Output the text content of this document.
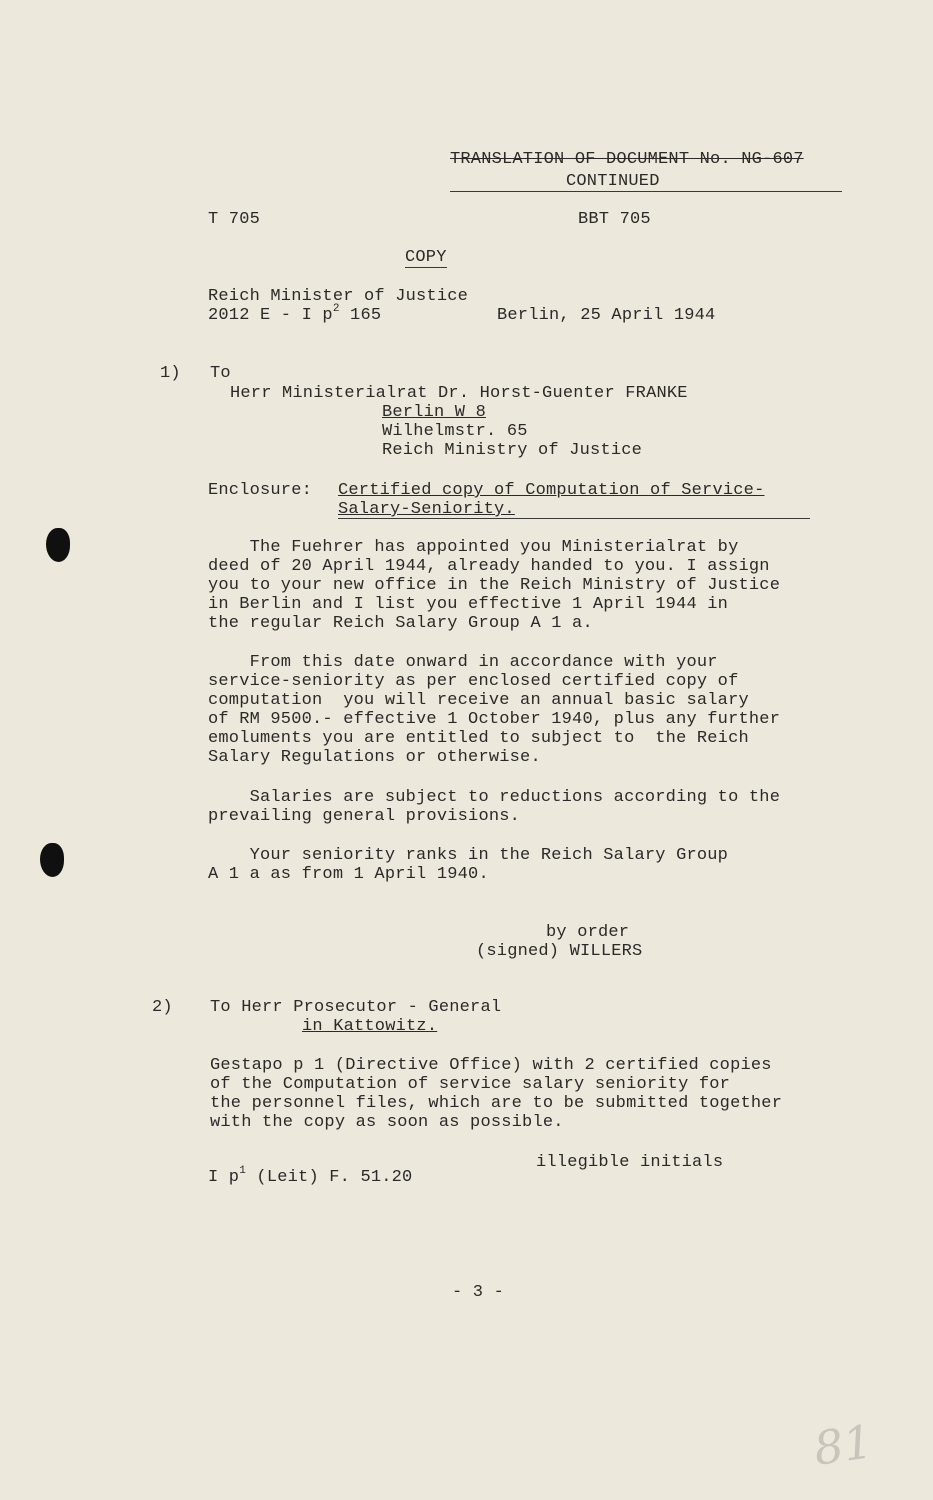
TRANSLATION OF DOCUMENT No. NG-607
CONTINUED
T 705	BBT 705
COPY
Reich Minister of Justice
2012 E - I $p^2$ 165	Berlin, 25 April 1944
1) To
Herr Ministerialrat Dr. Horst-Guenter FRANKE
Berlin W 8
Wilhelmstr. 65
Reich Ministry of Justice
Enclosure: Certified copy of Computation of Service-
Salary-Seniority.
The Fuehrer has appointed you Ministerialrat by
deed of 20 April 1944, already handed to you. I assign
you to your new office in the Reich Ministry of Justice
in Berlin and I list you effective 1 April 1944 in
the regular Reich Salary Group A 1 a.
From this date onward in accordance with your
service-seniority as per enclosed certified copy of
computation  you will receive an annual basic salary
of RM 9500.- effective 1 October 1940, plus any further
emoluments you are entitled to subject to  the Reich
Salary Regulations or otherwise.
Salaries are subject to reductions according to the
prevailing general provisions.
Your seniority ranks in the Reich Salary Group
A 1 a as from 1 April 1940.
by order
(signed) WILLERS
2) To Herr Prosecutor - General
in Kattowitz.
Gestapo p 1 (Directive Office) with 2 certified copies
of the Computation of service salary seniority for
the personnel files, which are to be submitted together
with the copy as soon as possible.
illegible initials
I $p^1$ (Leit) F. 51.20
- 3 -
81
